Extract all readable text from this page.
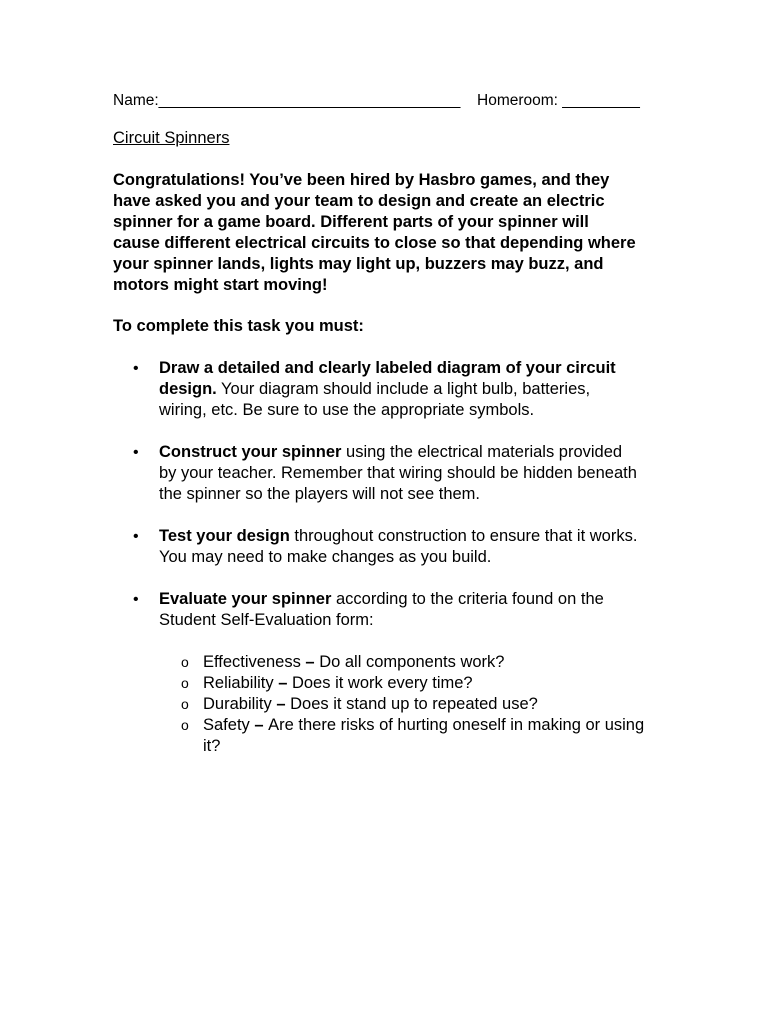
Name:___________________________________ Homeroom: _________
Circuit Spinners
Congratulations! You’ve been hired by Hasbro games, and they
have asked you and your team to design and create an electric
spinner for a game board. Different parts of your spinner will
cause different electrical circuits to close so that depending where
your spinner lands, lights may light up, buzzers may buzz, and
motors might start moving!
To complete this task you must:
• Draw a detailed and clearly labeled diagram of your circuit
design. Your diagram should include a light bulb, batteries,
wiring, etc. Be sure to use the appropriate symbols.
• Construct your spinner using the electrical materials provided
by your teacher. Remember that wiring should be hidden beneath
the spinner so the players will not see them.
• Test your design throughout construction to ensure that it works.
You may need to make changes as you build.
• Evaluate your spinner according to the criteria found on the
Student Self-Evaluation form:
o Effectiveness – Do all components work?
o Reliability – Does it work every time?
o Durability – Does it stand up to repeated use?
o Safety – Are there risks of hurting oneself in making or using
it?
